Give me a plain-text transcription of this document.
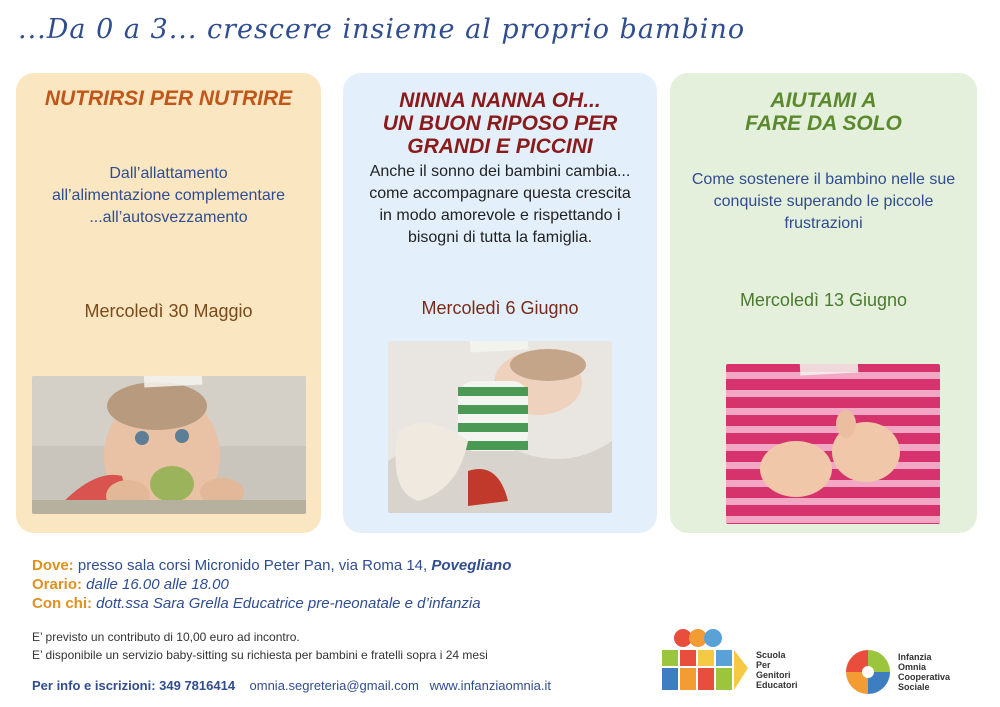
...Da 0 a 3... crescere insieme al proprio bambino
NUTRIRSI PER NUTRIRE
Dall’allattamento
all’alimentazione complementare
...all’autosvezzamento
Mercoledì 30 Maggio
NINNA NANNA OH...
UN BUON RIPOSO PER
GRANDI E PICCINI
Anche il sonno dei bambini cambia...
come accompagnare questa crescita
in modo amorevole e rispettando i
bisogni di tutta la famiglia.
Mercoledì 6 Giugno
AIUTAMI A
FARE DA SOLO
Come sostenere il bambino nelle sue
conquiste superando le piccole
frustrazioni
Mercoledì 13 Giugno
Dove: presso sala corsi Micronido Peter Pan, via Roma 14, Povegliano
Orario: dalle 16.00 alle 18.00
Con chi: dott.ssa Sara Grella Educatrice pre-neonatale e d’infanzia
E’ previsto un contributo di 10,00 euro ad incontro.
E’ disponibile un servizio baby-sitting su richiesta per bambini e fratelli sopra i 24 mesi
Per info e iscrizioni: 349 7816414 omnia.segreteria@gmail.com www.infanziaomnia.it
Scuola
Per
Genitori
Educatori
Infanzia
Omnia
Cooperativa
Sociale
